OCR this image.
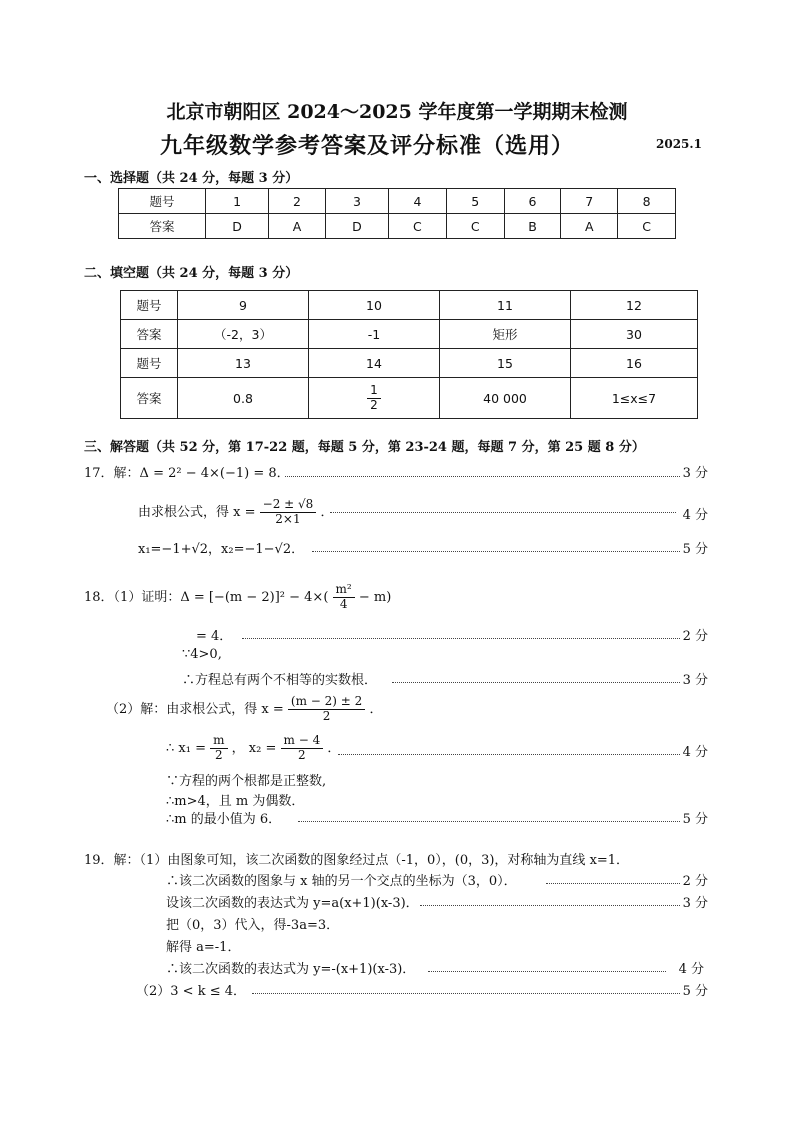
北京市朝阳区 2024～2025 学年度第一学期期末检测
九年级数学参考答案及评分标准（选用）	2025.1
一、选择题（共 24 分，每题 3 分）
题号	1	2	3	4	5	6	7	8
答案	D	A	D	C	C	B	A	C
二、填空题（共 24 分，每题 3 分）
题号	9	10	11	12
答案	（-2，3）	-1	矩形	30
题号	13	14	15	16
答案	0.8	$\frac{1}{2}$	40 000	1≤x≤7
三、解答题（共 52 分，第 17-22 题，每题 5 分，第 23-24 题，每题 7 分，第 25 题 8 分）
17．解：Δ = 2² − 4×(−1) = 8．	3 分
由求根公式，得 $x = \frac{-2 \pm √8}{2\times 1}$ ．	4 分
x₁=−1+√2，x₂=−1−√2．	5 分
18．（1）证明：$\Delta = [-(m - 2)]^2 - 4\times( \frac{\text{m²}}{4} - m)$
= 4．	2 分
∵4>0,
∴方程总有两个不相等的实数根．	3 分
（2）解：由求根公式，得 $x = \frac{(m - 2) \pm 2}{2}$ ．
∴ $x_1 = \frac{m}{2}$ ， $x_2 = \frac{m - 4}{2}$ ．	4 分
∵方程的两个根都是正整数,
∴m>4，且 m 为偶数．
∴m 的最小值为 6．	5 分
19．解：（1）由图象可知，该二次函数的图象经过点（-1，0），(0，3)，对称轴为直线 x=1．
∴该二次函数的图象与 x 轴的另一个交点的坐标为（3，0）．	2 分
设该二次函数的表达式为 y=a(x+1)(x-3)．	3 分
把（0，3）代入，得-3a=3．
解得 a=-1．
∴该二次函数的表达式为 y=-(x+1)(x-3)．	4 分
（2）3 < k ≤ 4．	5 分
